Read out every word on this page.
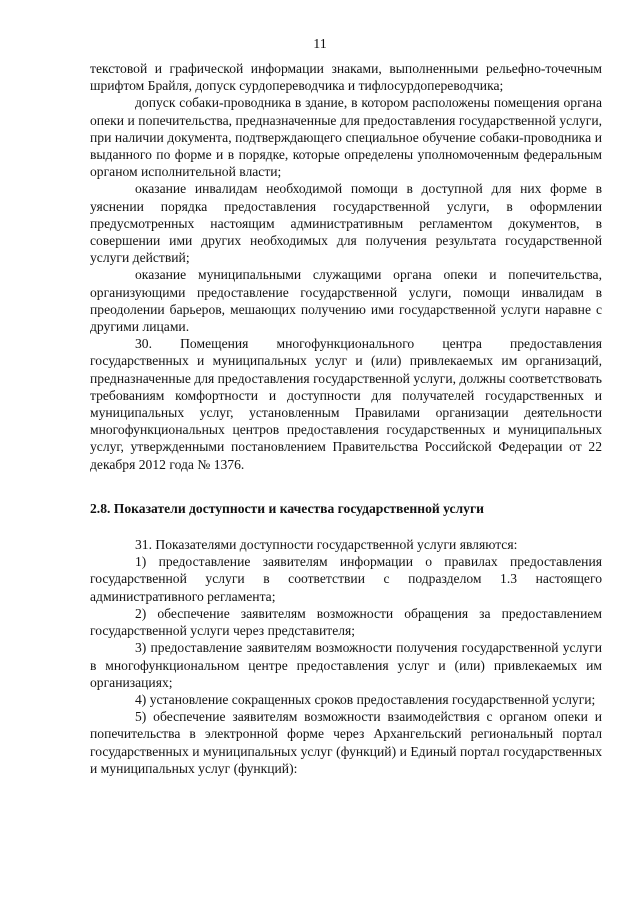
11

текстовой и графической информации знаками, выполненными рельефно-точечным шрифтом Брайля, допуск сурдопереводчика и тифлосурдопереводчика;

допуск собаки-проводника в здание, в котором расположены помещения органа опеки и попечительства, предназначенные для предоставления государственной услуги, при наличии документа, подтверждающего специальное обучение собаки-проводника и выданного по форме и в порядке, которые определены уполномоченным федеральным органом исполнительной власти;

оказание инвалидам необходимой помощи в доступной для них форме в уяснении порядка предоставления государственной услуги, в оформлении предусмотренных настоящим административным регламентом документов, в совершении ими других необходимых для получения результата государственной услуги действий;

оказание муниципальными служащими органа опеки и попечительства, организующими предоставление государственной услуги, помощи инвалидам в преодолении барьеров, мешающих получению ими государственной услуги наравне с другими лицами.

30. Помещения многофункционального центра предоставления государственных и муниципальных услуг и (или) привлекаемых им организаций, предназначенные для предоставления государственной услуги, должны соответствовать требованиям комфортности и доступности для получателей государственных и муниципальных услуг, установленным Правилами организации деятельности многофункциональных центров предоставления государственных и муниципальных услуг, утвержденными постановлением Правительства Российской Федерации от 22 декабря 2012 года № 1376.

2.8. Показатели доступности и качества государственной услуги

31. Показателями доступности государственной услуги являются:

1) предоставление заявителям информации о правилах предоставления государственной услуги в соответствии с подразделом 1.3 настоящего административного регламента;

2) обеспечение заявителям возможности обращения за предоставлением государственной услуги через представителя;

3) предоставление заявителям возможности получения государственной услуги в многофункциональном центре предоставления услуг и (или) привлекаемых им организациях;

4) установление сокращенных сроков предоставления государственной услуги;

5) обеспечение заявителям возможности взаимодействия с органом опеки и попечительства в электронной форме через Архангельский региональный портал государственных и муниципальных услуг (функций) и Единый портал государственных и муниципальных услуг (функций):
